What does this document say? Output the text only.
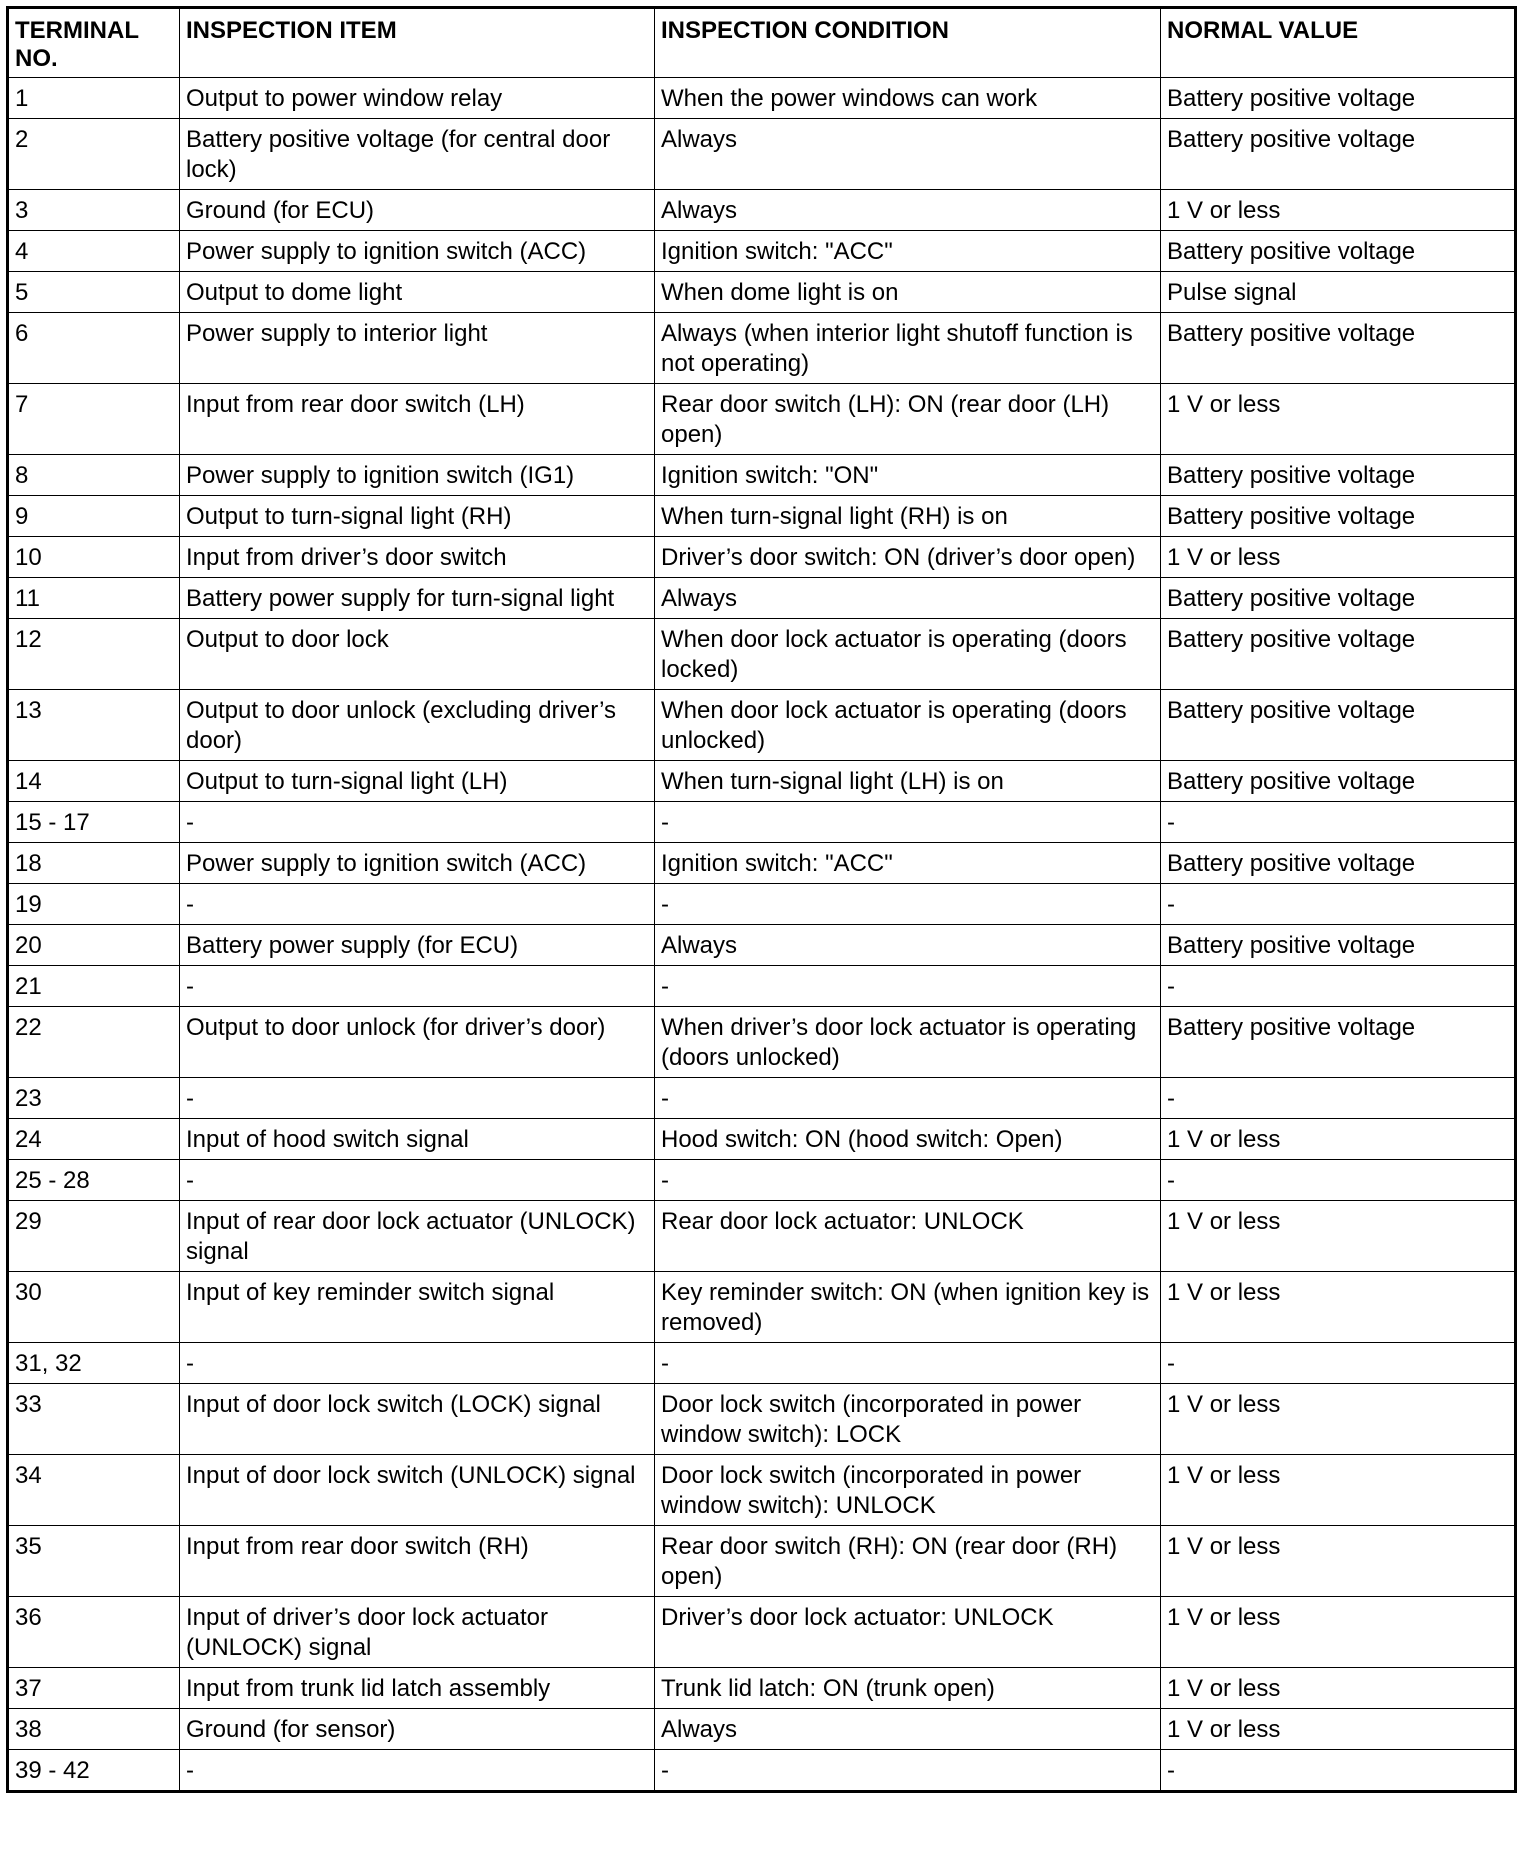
TERMINAL NO.	INSPECTION ITEM	INSPECTION CONDITION	NORMAL VALUE
1	Output to power window relay	When the power windows can work	Battery positive voltage
2	Battery positive voltage (for central door lock)	Always	Battery positive voltage
3	Ground (for ECU)	Always	1 V or less
4	Power supply to ignition switch (ACC)	Ignition switch: "ACC"	Battery positive voltage
5	Output to dome light	When dome light is on	Pulse signal
6	Power supply to interior light	Always (when interior light shutoff function is not operating)	Battery positive voltage
7	Input from rear door switch (LH)	Rear door switch (LH): ON (rear door (LH) open)	1 V or less
8	Power supply to ignition switch (IG1)	Ignition switch: "ON"	Battery positive voltage
9	Output to turn-signal light (RH)	When turn-signal light (RH) is on	Battery positive voltage
10	Input from driver’s door switch	Driver’s door switch: ON (driver’s door open)	1 V or less
11	Battery power supply for turn-signal light	Always	Battery positive voltage
12	Output to door lock	When door lock actuator is operating (doors locked)	Battery positive voltage
13	Output to door unlock (excluding driver’s door)	When door lock actuator is operating (doors unlocked)	Battery positive voltage
14	Output to turn-signal light (LH)	When turn-signal light (LH) is on	Battery positive voltage
15 - 17	-	-	-
18	Power supply to ignition switch (ACC)	Ignition switch: "ACC"	Battery positive voltage
19	-	-	-
20	Battery power supply (for ECU)	Always	Battery positive voltage
21	-	-	-
22	Output to door unlock (for driver’s door)	When driver’s door lock actuator is operating (doors unlocked)	Battery positive voltage
23	-	-	-
24	Input of hood switch signal	Hood switch: ON (hood switch: Open)	1 V or less
25 - 28	-	-	-
29	Input of rear door lock actuator (UNLOCK) signal	Rear door lock actuator: UNLOCK	1 V or less
30	Input of key reminder switch signal	Key reminder switch: ON (when ignition key is removed)	1 V or less
31, 32	-	-	-
33	Input of door lock switch (LOCK) signal	Door lock switch (incorporated in power window switch): LOCK	1 V or less
34	Input of door lock switch (UNLOCK) signal	Door lock switch (incorporated in power window switch): UNLOCK	1 V or less
35	Input from rear door switch (RH)	Rear door switch (RH): ON (rear door (RH) open)	1 V or less
36	Input of driver’s door lock actuator (UNLOCK) signal	Driver’s door lock actuator: UNLOCK	1 V or less
37	Input from trunk lid latch assembly	Trunk lid latch: ON (trunk open)	1 V or less
38	Ground (for sensor)	Always	1 V or less
39 - 42	-	-	-
